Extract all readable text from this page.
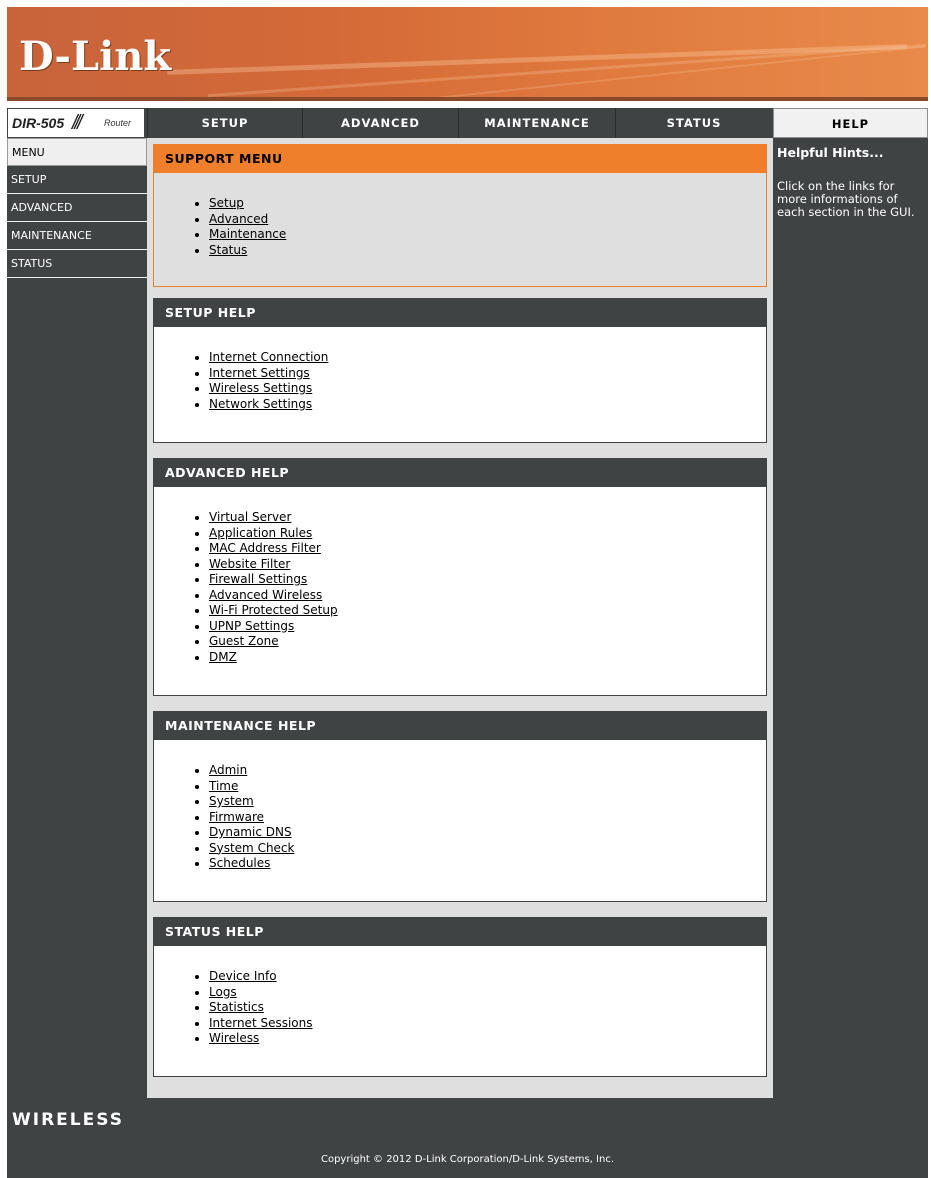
D-Link
DIR-505 ///	Router	SETUP	ADVANCED	MAINTENANCE	STATUS	HELP
MENU
SETUP
ADVANCED
MAINTENANCE
STATUS
SUPPORT MENU
• Setup
• Advanced
• Maintenance
• Status
SETUP HELP
• Internet Connection
• Internet Settings
• Wireless Settings
• Network Settings
ADVANCED HELP
• Virtual Server
• Application Rules
• MAC Address Filter
• Website Filter
• Firewall Settings
• Advanced Wireless
• Wi-Fi Protected Setup
• UPNP Settings
• Guest Zone
• DMZ
MAINTENANCE HELP
• Admin
• Time
• System
• Firmware
• Dynamic DNS
• System Check
• Schedules
STATUS HELP
• Device Info
• Logs
• Statistics
• Internet Sessions
• Wireless
Helpful Hints...
Click on the links for more informations of each section in the GUI.
WIRELESS
Copyright © 2012 D-Link Corporation/D-Link Systems, Inc.
